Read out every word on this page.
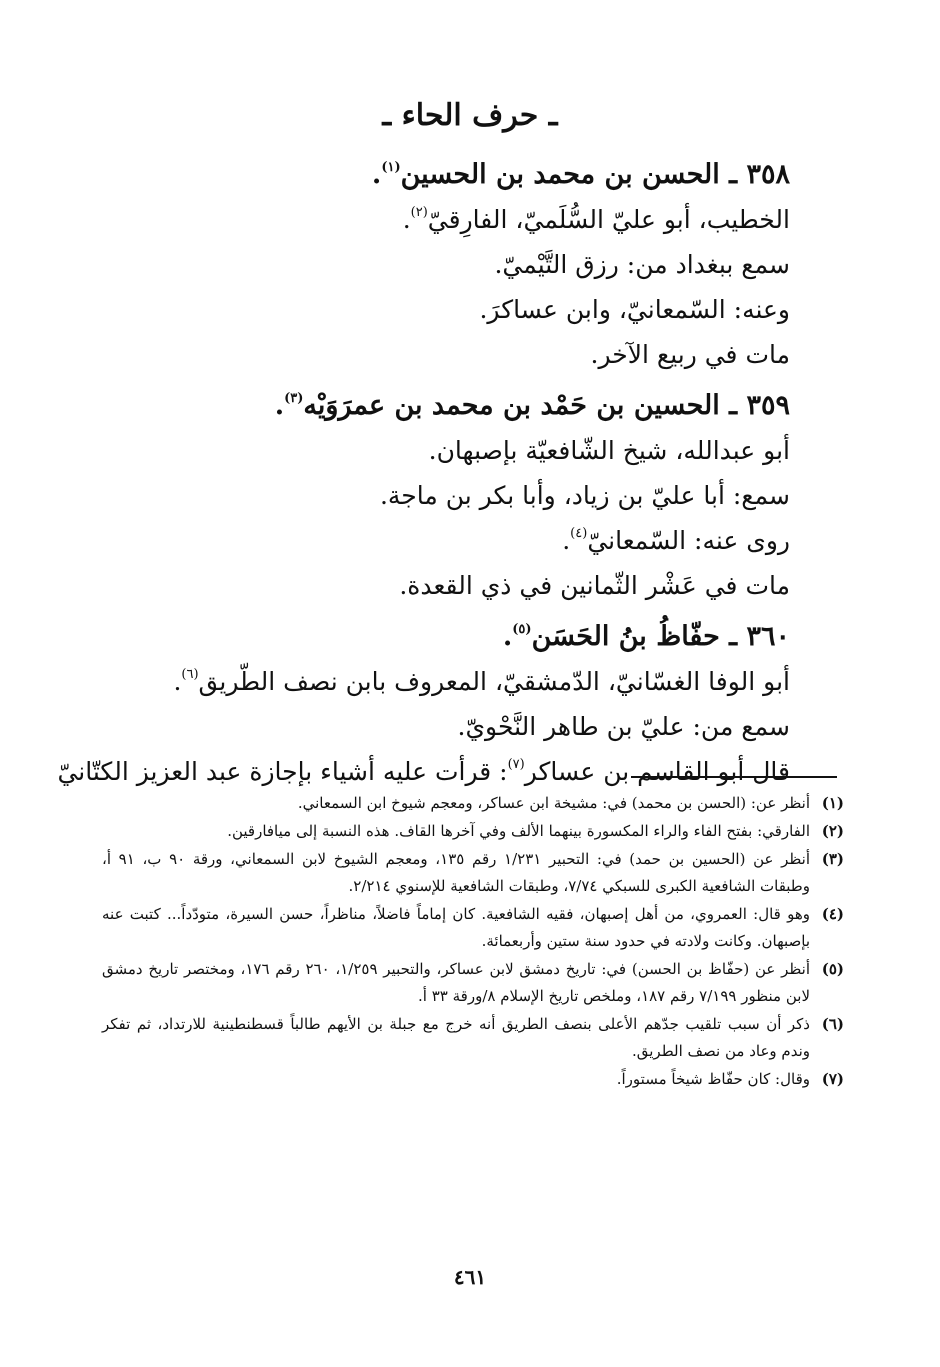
ـ حرف الحاء ـ
٣٥٨ ـ الحسن بن محمد بن الحسين$^{(١)}$.
الخطيب، أبو عليّ السُّلَميّ، الفارِقيّ$^{(٢)}$.
سمع ببغداد من: رزق التَّيْميّ.
وعنه: السّمعانيّ، وابن عساكرَ.
مات في ربيع الآخر.
٣٥٩ ـ الحسين بن حَمْد بن محمد بن عمرَوَيْه$^{(٣)}$.
أبو عبدالله، شيخ الشّافعيّة بإصبهان.
سمع: أبا عليّ بن زياد، وأبا بكر بن ماجة.
روى عنه: السّمعانيّ$^{(٤)}$.
مات في عَشْر الثّمانين في ذي القعدة.
٣٦٠ ـ حفّاظُ بنُ الحَسَن$^{(٥)}$.
أبو الوفا الغسّانيّ، الدّمشقيّ، المعروف بابن نصف الطّريق$^{(٦)}$.
سمع من: عليّ بن طاهر النَّحْويّ.
قال أبو القاسم بن عساكر$^{(٧)}$: قرأت عليه أشياء بإجازة عبد العزيز الكتّانيّ
(١)
أنظر عن: (الحسن بن محمد) في: مشيخة ابن عساكر، ومعجم شيوخ ابن السمعاني.
(٢)
الفارقي: بفتح الفاء والراء المكسورة بينهما الألف وفي آخرها القاف. هذه النسبة إلى ميافارقين.
(٣)
أنظر عن (الحسين بن حمد) في: التحبير ١/٢٣١ رقم ١٣٥، ومعجم الشيوخ لابن السمعاني، ورقة ٩٠ ب، ٩١ أ، وطبقات الشافعية الكبرى للسبكي ٧/٧٤، وطبقات الشافعية للإسنوي ٢/٢١٤.
(٤)
وهو قال: العمروي، من أهل إصبهان، فقيه الشافعية. كان إماماً فاضلاً، مناظراً، حسن السيرة، متودّداً... كتبت عنه بإصبهان. وكانت ولادته في حدود سنة ستين وأربعمائة.
(٥)
أنظر عن (حفّاظ بن الحسن) في: تاريخ دمشق لابن عساكر، والتحبير ١/٢٥٩، ٢٦٠ رقم ١٧٦، ومختصر تاريخ دمشق لابن منظور ٧/١٩٩ رقم ١٨٧، وملخص تاريخ الإسلام ٨/ورقة ٣٣ أ.
(٦)
ذكر أن سبب تلقيب جدّهم الأعلى بنصف الطريق أنه خرج مع جبلة بن الأيهم طالباً قسطنطينية للارتداد، ثم تفكر وندم وعاد من نصف الطريق.
(٧)
وقال: كان حفّاظ شيخاً مستوراً.
٤٦١
